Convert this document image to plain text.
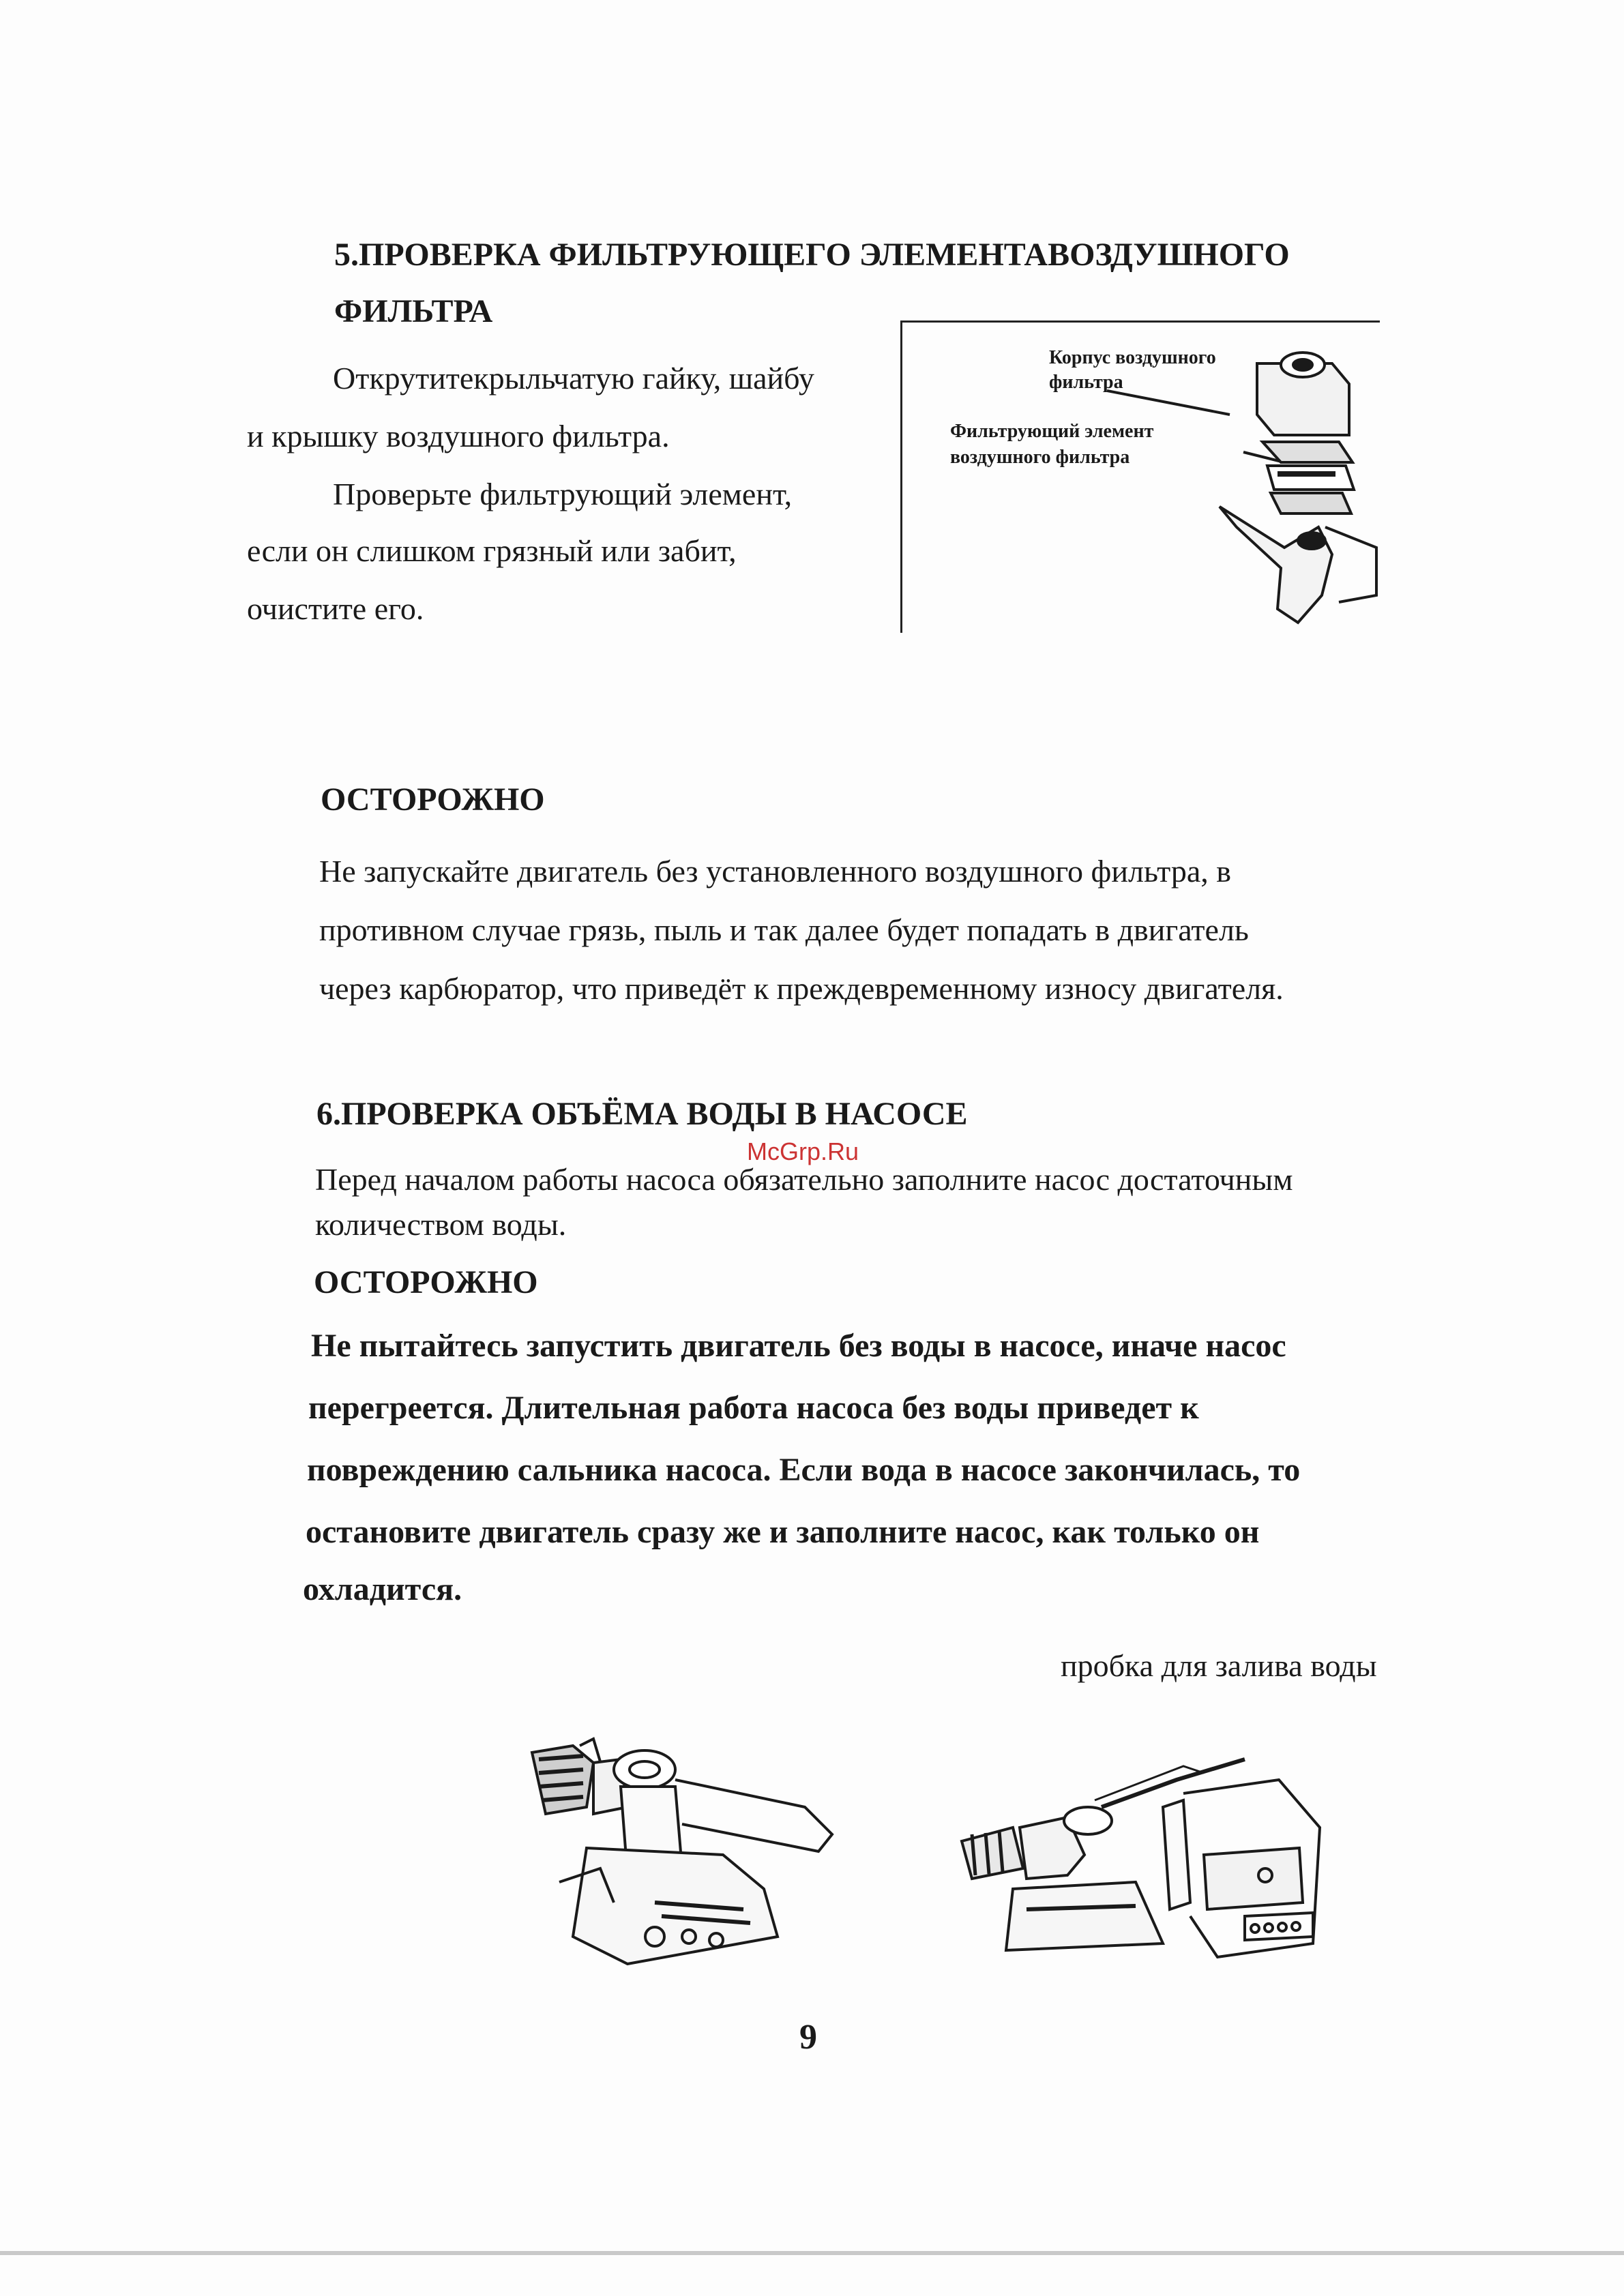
5.ПРОВЕРКА ФИЛЬТРУЮЩЕГО ЭЛЕМЕНТАВОЗДУШНОГО
ФИЛЬТРА
Открутитекрыльчатую гайку, шайбу
и крышку воздушного фильтра.
Проверьте фильтрующий элемент,
если он слишком грязный или забит,
очистите его.
Корпус воздушного
фильтра
Фильтрующий элемент
воздушного фильтра
ОСТОРОЖНО
Не запускайте двигатель без установленного воздушного фильтра, в
противном случае грязь, пыль и так далее будет попадать в двигатель
через карбюратор, что приведёт к преждевременному износу двигателя.
6.ПРОВЕРКА ОБЪЁМА ВОДЫ В НАСОСЕ
McGrp.Ru
Перед началом работы насоса обязательно заполните насос достаточным
количеством воды.
ОСТОРОЖНО
Не пытайтесь запустить двигатель без воды в насосе, иначе насос
перегреется. Длительная работа насоса без воды приведет к
повреждению сальника насоса. Если вода в насосе закончилась, то
остановите двигатель сразу же и заполните насос, как только он
охладится.
пробка для залива воды
9
